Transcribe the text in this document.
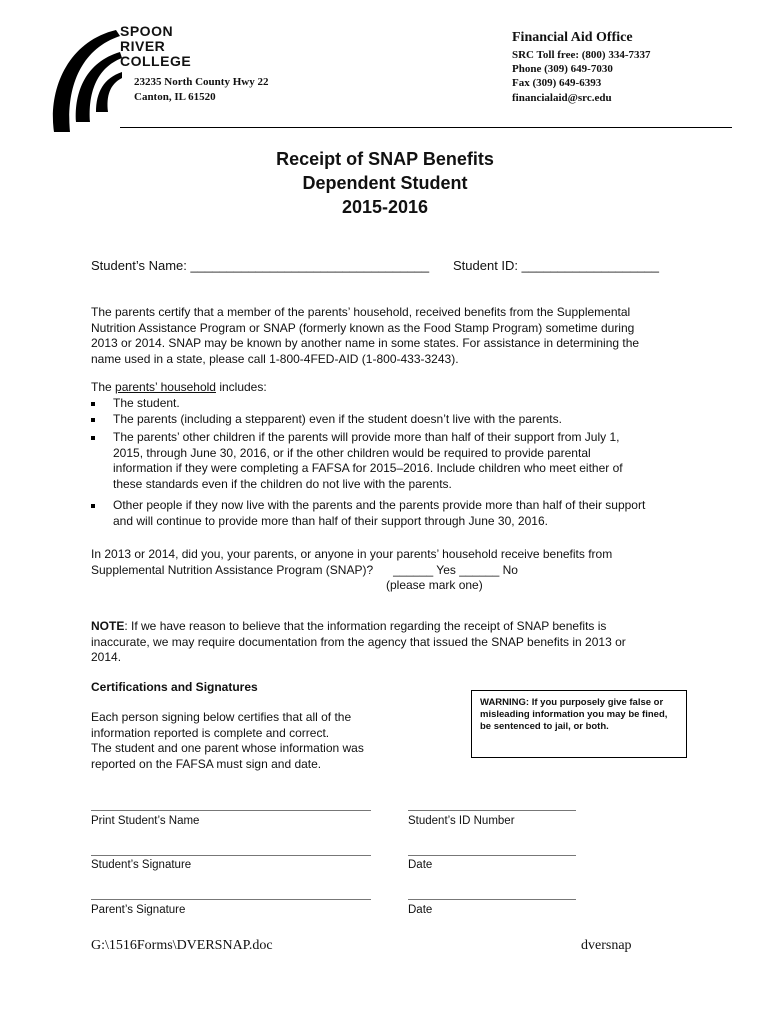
SPOON
RIVER
COLLEGE
23235 North County Hwy 22
Canton, IL 61520
Financial Aid Office
SRC Toll free: (800) 334-7337
Phone (309) 649-7030
Fax (309) 649-6393
financialaid@src.edu
Receipt of SNAP Benefits
Dependent Student
2015-2016
Student’s Name: _________________________________ Student ID: ___________________
The parents certify that a member of the parents’ household, received benefits from the Supplemental
Nutrition Assistance Program or SNAP (formerly known as the Food Stamp Program) sometime during
2013 or 2014. SNAP may be known by another name in some states. For assistance in determining the
name used in a state, please call 1-800-4FED-AID (1-800-433-3243).
The parents’ household includes:
The student.
The parents (including a stepparent) even if the student doesn’t live with the parents.
The parents’ other children if the parents will provide more than half of their support from July 1,
2015, through June 30, 2016, or if the other children would be required to provide parental
information if they were completing a FAFSA for 2015–2016. Include children who meet either of
these standards even if the children do not live with the parents.
Other people if they now live with the parents and the parents provide more than half of their support
and will continue to provide more than half of their support through June 30, 2016.
In 2013 or 2014, did you, your parents, or anyone in your parents’ household receive benefits from
Supplemental Nutrition Assistance Program (SNAP)?      ______ Yes ______ No
(please mark one)
NOTE: If we have reason to believe that the information regarding the receipt of SNAP benefits is
inaccurate, we may require documentation from the agency that issued the SNAP benefits in 2013 or
2014.
Certifications and Signatures
Each person signing below certifies that all of the
information reported is complete and correct.
The student and one parent whose information was
reported on the FAFSA must sign and date.
WARNING: If you purposely give false or
misleading information you may be fined,
be sentenced to jail, or both.
Print Student’s Name	Student’s ID Number
Student’s Signature	Date
Parent’s Signature	Date
G:\1516Forms\DVERSNAP.doc	dversnap
